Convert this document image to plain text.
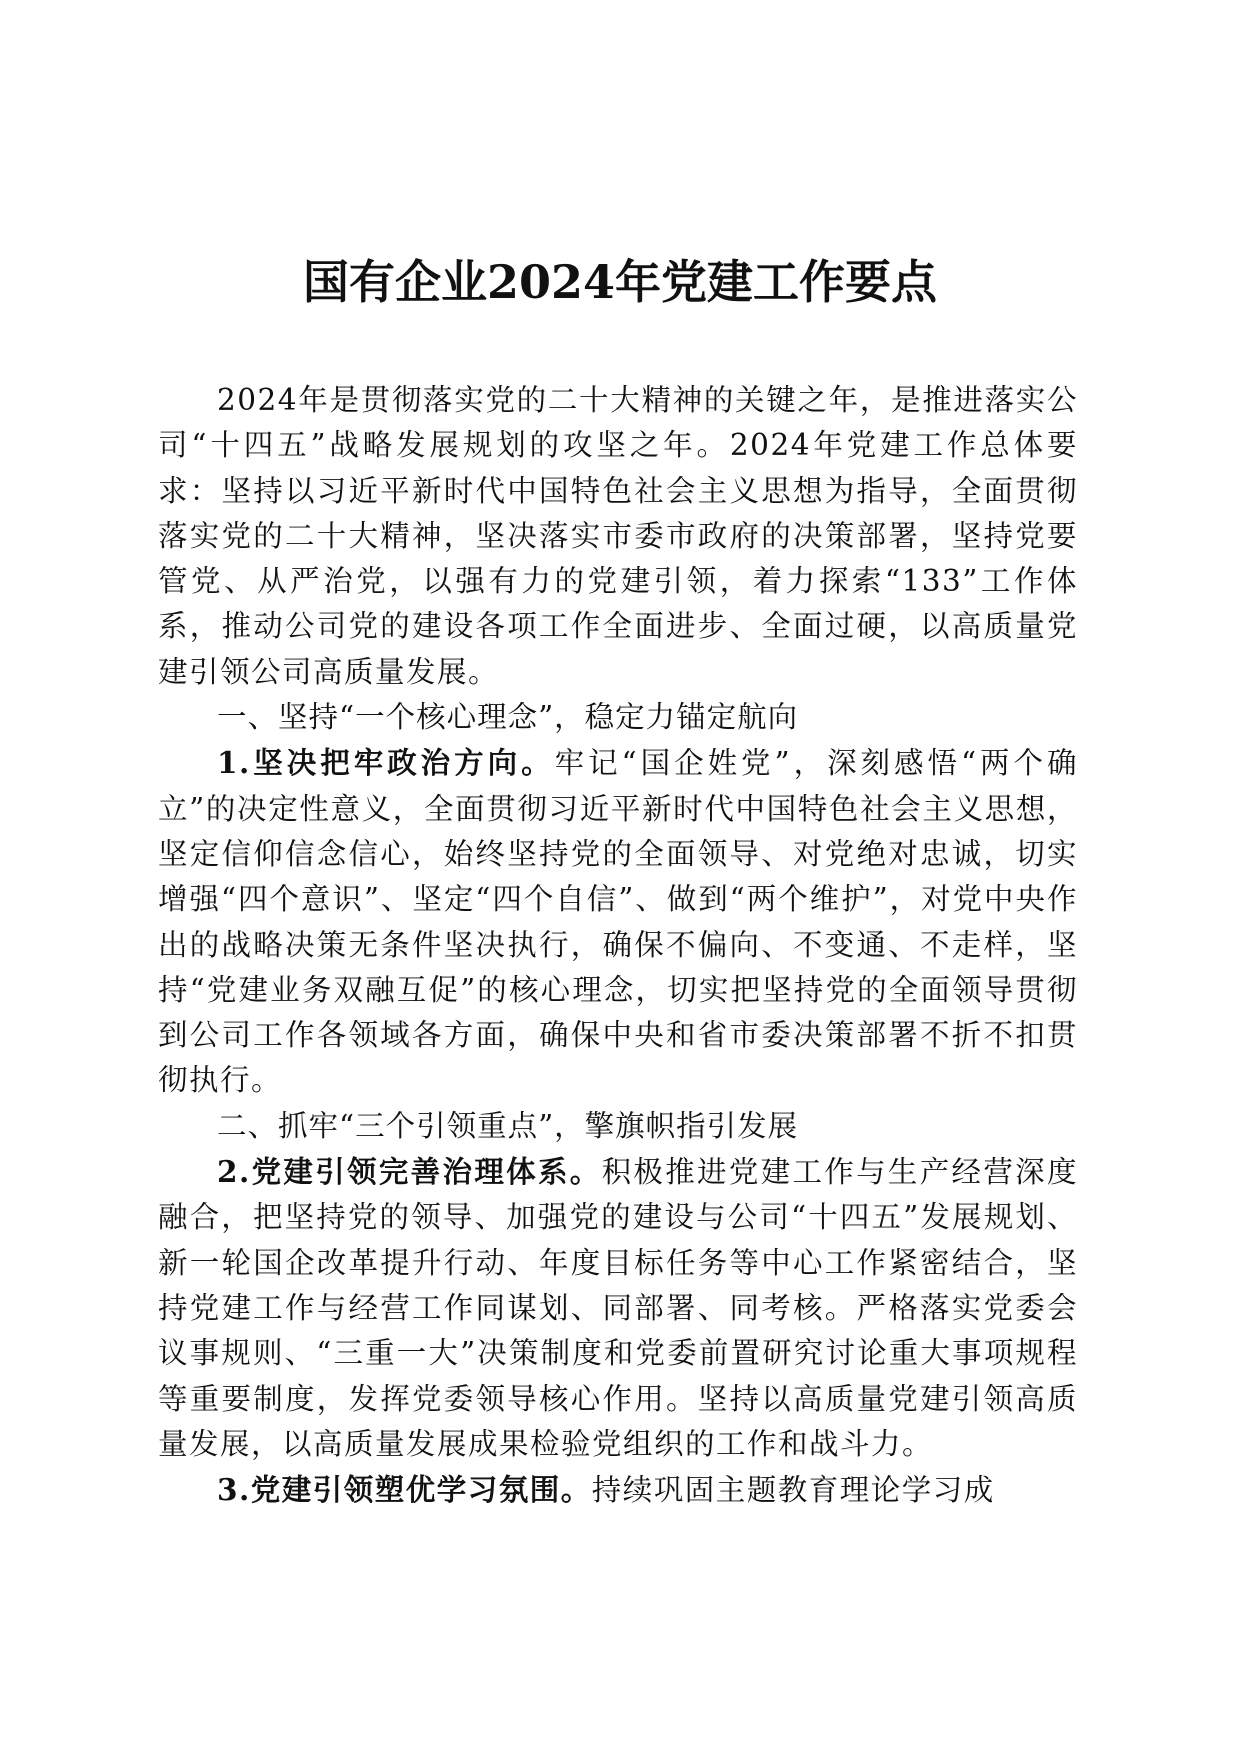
国有企业2024年党建工作要点

2024年是贯彻落实党的二十大精神的关键之年，是推进落实公司“十四五”战略发展规划的攻坚之年。2024年党建工作总体要求：坚持以习近平新时代中国特色社会主义思想为指导，全面贯彻落实党的二十大精神，坚决落实市委市政府的决策部署，坚持党要管党、从严治党，以强有力的党建引领，着力探索“133”工作体系，推动公司党的建设各项工作全面进步、全面过硬，以高质量党建引领公司高质量发展。

一、坚持“一个核心理念”，稳定力锚定航向

1.坚决把牢政治方向。牢记“国企姓党”，深刻感悟“两个确立”的决定性意义，全面贯彻习近平新时代中国特色社会主义思想，坚定信仰信念信心，始终坚持党的全面领导、对党绝对忠诚，切实增强“四个意识”、坚定“四个自信”、做到“两个维护”，对党中央作出的战略决策无条件坚决执行，确保不偏向、不变通、不走样，坚持“党建业务双融互促”的核心理念，切实把坚持党的全面领导贯彻到公司工作各领域各方面，确保中央和省市委决策部署不折不扣贯彻执行。

二、抓牢“三个引领重点”，擎旗帜指引发展

2.党建引领完善治理体系。积极推进党建工作与生产经营深度融合，把坚持党的领导、加强党的建设与公司“十四五”发展规划、新一轮国企改革提升行动、年度目标任务等中心工作紧密结合，坚持党建工作与经营工作同谋划、同部署、同考核。严格落实党委会议事规则、“三重一大”决策制度和党委前置研究讨论重大事项规程等重要制度，发挥党委领导核心作用。坚持以高质量党建引领高质量发展，以高质量发展成果检验党组织的工作和战斗力。

3.党建引领塑优学习氛围。持续巩固主题教育理论学习成
